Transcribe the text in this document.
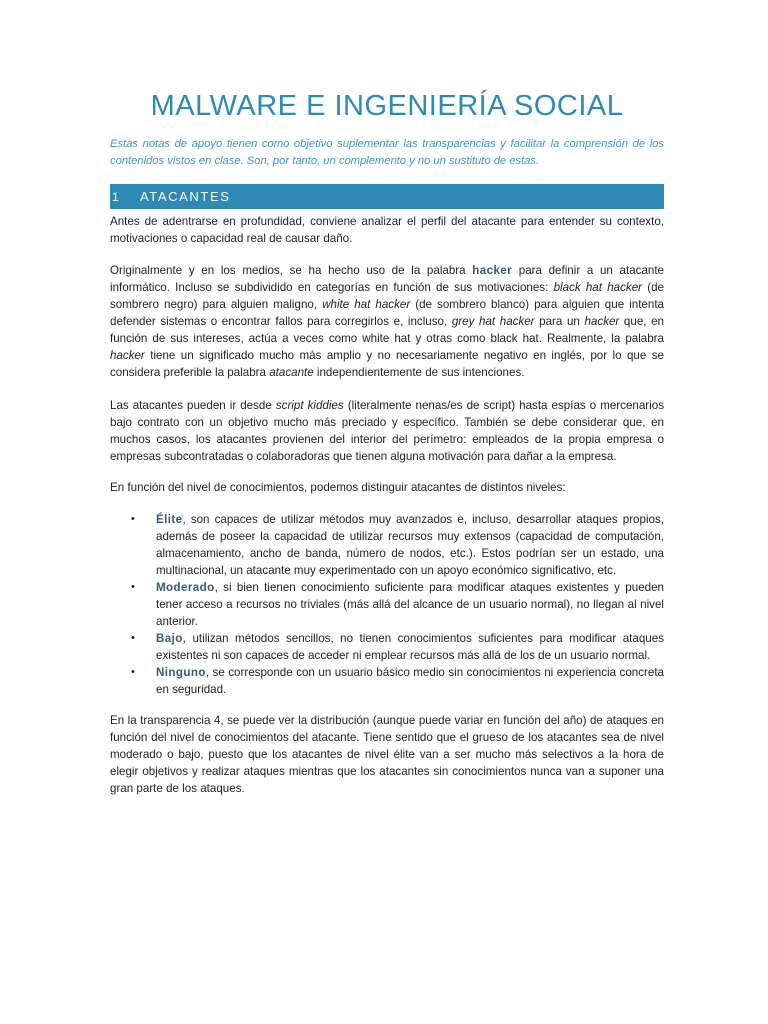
MALWARE E INGENIERÍA SOCIAL

Estas notas de apoyo tienen como objetivo suplementar las transparencias y facilitar la comprensión de los contenidos vistos en clase. Son, por tanto, un complemento y no un sustituto de estas.

1	ATACANTES

Antes de adentrarse en profundidad, conviene analizar el perfil del atacante para entender su contexto, motivaciones o capacidad real de causar daño.

Originalmente y en los medios, se ha hecho uso de la palabra hacker para definir a un atacante informático. Incluso se subdividido en categorías en función de sus motivaciones: black hat hacker (de sombrero negro) para alguien maligno, white hat hacker (de sombrero blanco) para alguien que intenta defender sistemas o encontrar fallos para corregirlos e, incluso, grey hat hacker para un hacker que, en función de sus intereses, actúa a veces como white hat y otras como black hat. Realmente, la palabra hacker tiene un significado mucho más amplio y no necesariamente negativo en inglés, por lo que se considera preferible la palabra atacante independientemente de sus intenciones.

Las atacantes pueden ir desde script kiddies (literalmente nenas/es de script) hasta espías o mercenarios bajo contrato con un objetivo mucho más preciado y específico. También se debe considerar que, en muchos casos, los atacantes provienen del interior del perímetro: empleados de la propia empresa o empresas subcontratadas o colaboradoras que tienen alguna motivación para dañar a la empresa.

En función del nivel de conocimientos, podemos distinguir atacantes de distintos niveles:

• Élite, son capaces de utilizar métodos muy avanzados e, incluso, desarrollar ataques propios, además de poseer la capacidad de utilizar recursos muy extensos (capacidad de computación, almacenamiento, ancho de banda, número de nodos, etc.). Estos podrían ser un estado, una multinacional, un atacante muy experimentado con un apoyo económico significativo, etc.
• Moderado, si bien tienen conocimiento suficiente para modificar ataques existentes y pueden tener acceso a recursos no triviales (más allá del alcance de un usuario normal), no llegan al nivel anterior.
• Bajo, utilizan métodos sencillos, no tienen conocimientos suficientes para modificar ataques existentes ni son capaces de acceder ni emplear recursos más allá de los de un usuario normal.
• Ninguno, se corresponde con un usuario básico medio sin conocimientos ni experiencia concreta en seguridad.

En la transparencia 4, se puede ver la distribución (aunque puede variar en función del año) de ataques en función del nivel de conocimientos del atacante. Tiene sentido que el grueso de los atacantes sea de nivel moderado o bajo, puesto que los atacantes de nivel élite van a ser mucho más selectivos a la hora de elegir objetivos y realizar ataques mientras que los atacantes sin conocimientos nunca van a suponer una gran parte de los ataques.
